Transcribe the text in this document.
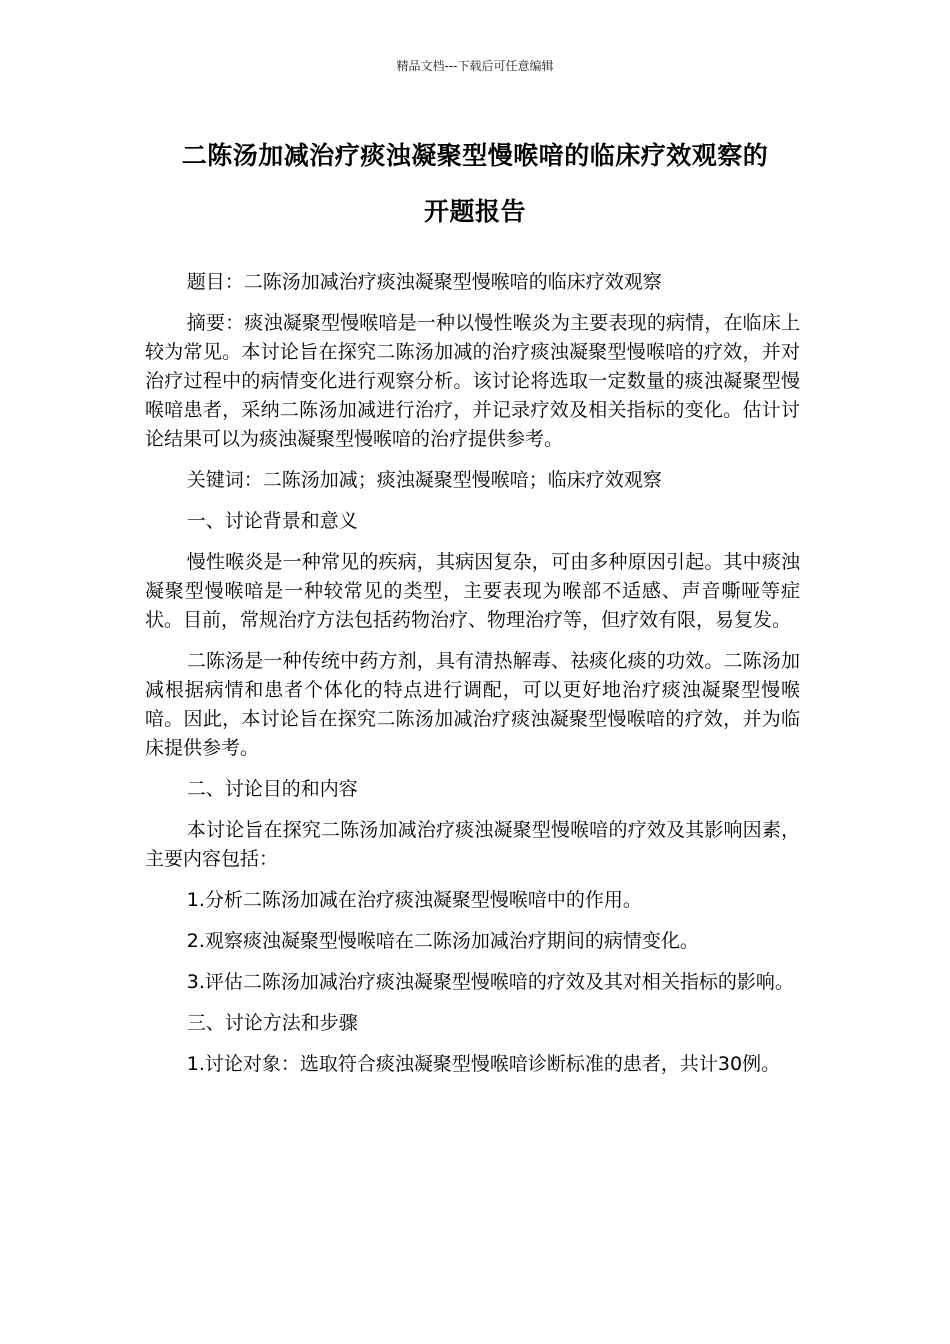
精品文档---下载后可任意编辑
二陈汤加减治疗痰浊凝聚型慢喉喑的临床疗效观察的
开题报告

题目：二陈汤加减治疗痰浊凝聚型慢喉喑的临床疗效观察

摘要：痰浊凝聚型慢喉喑是一种以慢性喉炎为主要表现的病情，在临床上较为常见。本讨论旨在探究二陈汤加减的治疗痰浊凝聚型慢喉喑的疗效，并对治疗过程中的病情变化进行观察分析。该讨论将选取一定数量的痰浊凝聚型慢喉喑患者，采纳二陈汤加减进行治疗，并记录疗效及相关指标的变化。估计讨论结果可以为痰浊凝聚型慢喉喑的治疗提供参考。

关键词：二陈汤加减；痰浊凝聚型慢喉喑；临床疗效观察

一、讨论背景和意义

慢性喉炎是一种常见的疾病，其病因复杂，可由多种原因引起。其中痰浊凝聚型慢喉喑是一种较常见的类型，主要表现为喉部不适感、声音嘶哑等症状。目前，常规治疗方法包括药物治疗、物理治疗等，但疗效有限，易复发。

二陈汤是一种传统中药方剂，具有清热解毒、祛痰化痰的功效。二陈汤加减根据病情和患者个体化的特点进行调配，可以更好地治疗痰浊凝聚型慢喉喑。因此，本讨论旨在探究二陈汤加减治疗痰浊凝聚型慢喉喑的疗效，并为临床提供参考。

二、讨论目的和内容

本讨论旨在探究二陈汤加减治疗痰浊凝聚型慢喉喑的疗效及其影响因素，主要内容包括：

1.分析二陈汤加减在治疗痰浊凝聚型慢喉喑中的作用。

2.观察痰浊凝聚型慢喉喑在二陈汤加减治疗期间的病情变化。

3.评估二陈汤加减治疗痰浊凝聚型慢喉喑的疗效及其对相关指标的影响。

三、讨论方法和步骤

1.讨论对象：选取符合痰浊凝聚型慢喉喑诊断标准的患者，共计30例。
